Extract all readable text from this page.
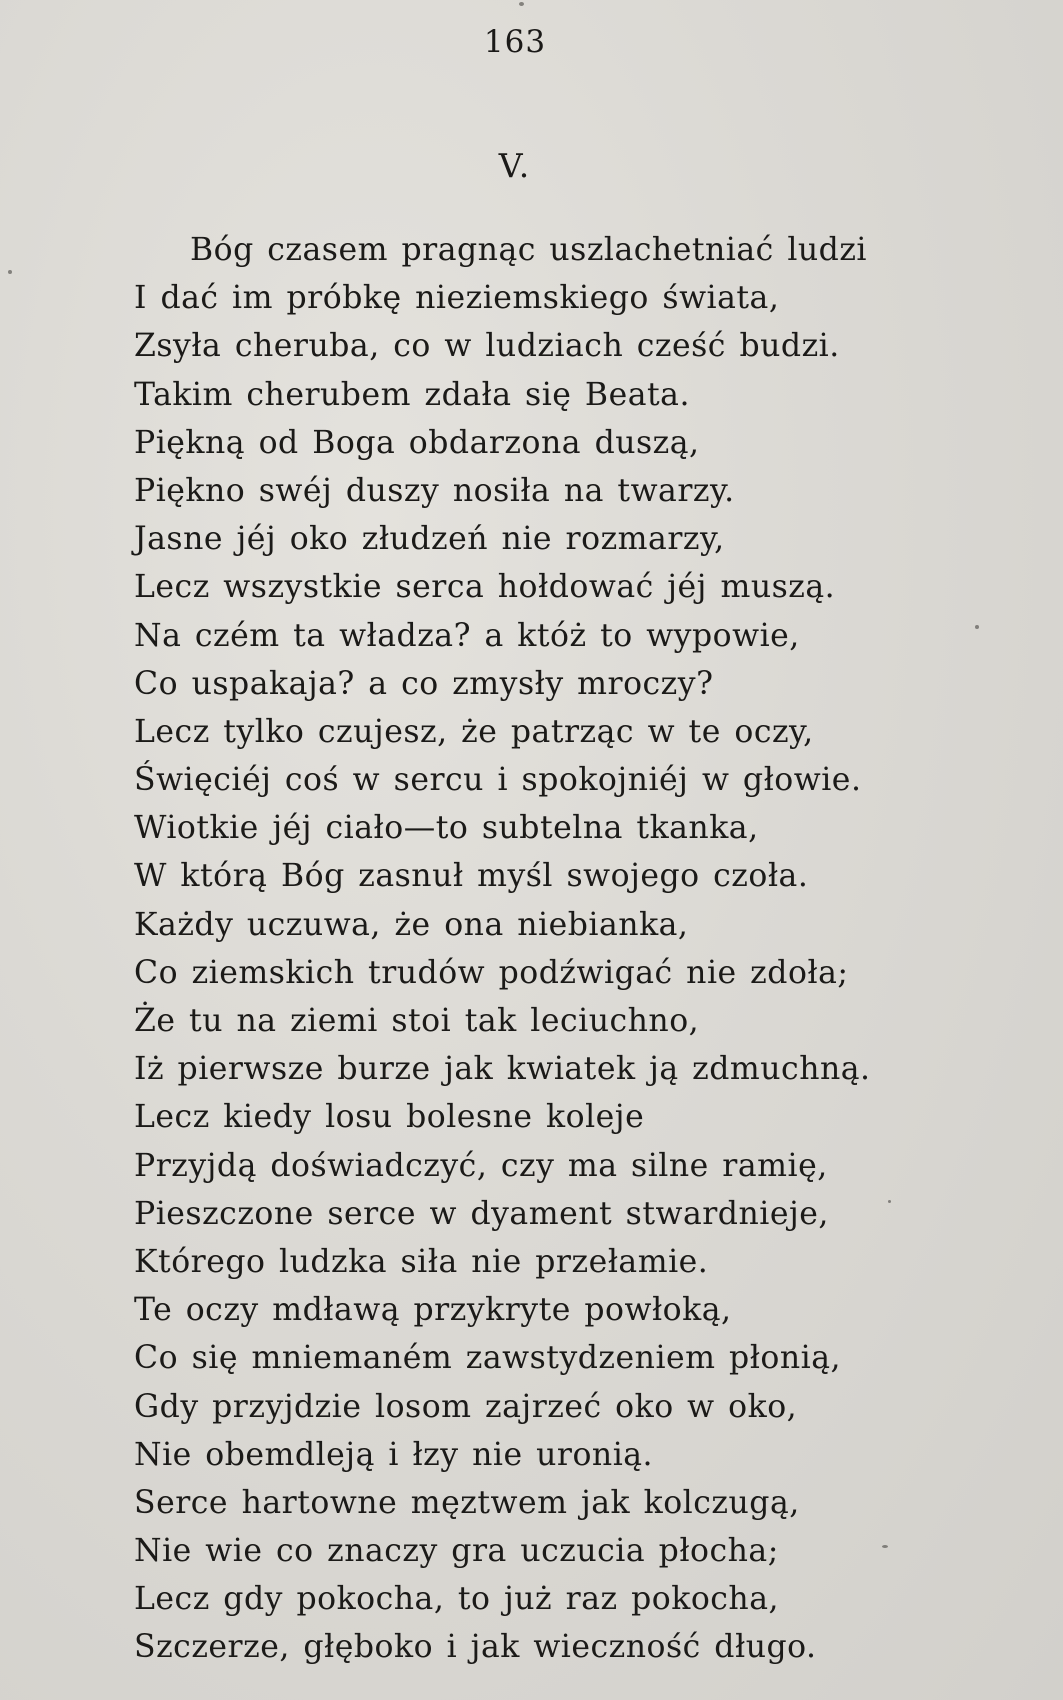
163
V.
Bóg czasem pragnąc uszlachetniać ludzi
I dać im próbkę nieziemskiego świata,
Zsyła cheruba, co w ludziach cześć budzi.
Takim cherubem zdała się Beata.
Piękną od Boga obdarzona duszą,
Piękno swéj duszy nosiła na twarzy.
Jasne jéj oko złudzeń nie rozmarzy,
Lecz wszystkie serca hołdować jéj muszą.
Na czém ta władza? a któż to wypowie,
Co uspakaja? a co zmysły mroczy?
Lecz tylko czujesz, że patrząc w te oczy,
Święciéj coś w sercu i spokojniéj w głowie.
Wiotkie jéj ciało—to subtelna tkanka,
W którą Bóg zasnuł myśl swojego czoła.
Każdy uczuwa, że ona niebianka,
Co ziemskich trudów podźwigać nie zdoła;
Że tu na ziemi stoi tak leciuchno,
Iż pierwsze burze jak kwiatek ją zdmuchną.
Lecz kiedy losu bolesne koleje
Przyjdą doświadczyć, czy ma silne ramię,
Pieszczone serce w dyament stwardnieje,
Którego ludzka siła nie przełamie.
Te oczy mdławą przykryte powłoką,
Co się mniemaném zawstydzeniem płonią,
Gdy przyjdzie losom zajrzeć oko w oko,
Nie obemdleją i łzy nie uronią.
Serce hartowne męztwem jak kolczugą,
Nie wie co znaczy gra uczucia płocha;
Lecz gdy pokocha, to już raz pokocha,
Szczerze, głęboko i jak wieczność długo.
